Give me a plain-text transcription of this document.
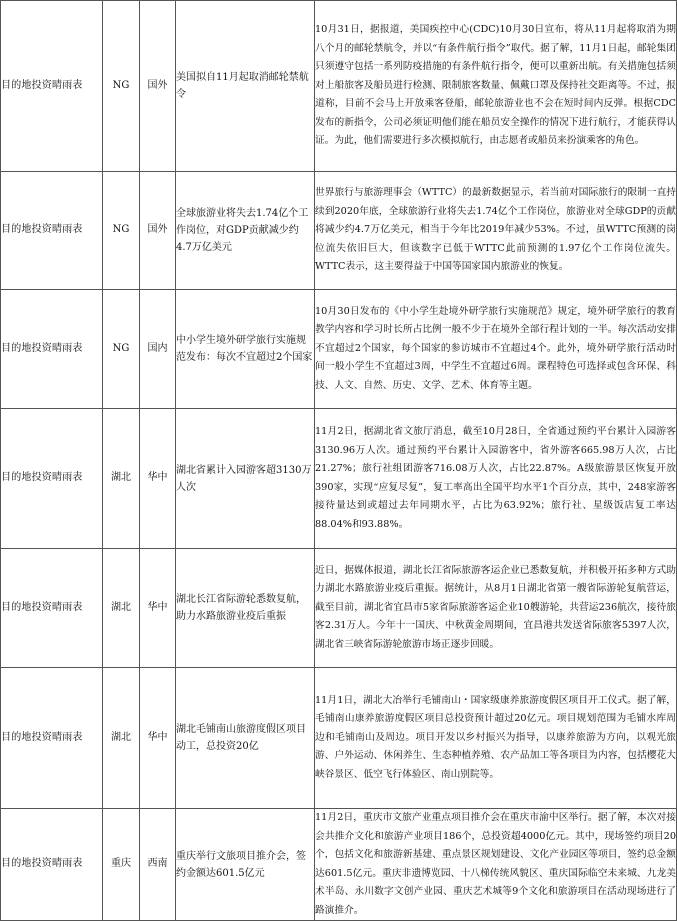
目的地投资晴雨表	NG	国外	美国拟自11月起取消邮轮禁航令	10月31日，据报道，美国疾控中心(CDC)10月30日宣布，将从11月起将取消为期八个月的邮轮禁航令，并以“有条件航行指令”取代。据了解，11月1日起，邮轮集团只须遵守包括一系列防疫措施的有条件航行指令，便可以重新出航。有关措施包括须对上船旅客及船员进行检测、限制旅客数量、佩戴口罩及保持社交距离等。不过，报道称，目前不会马上开放乘客登船，邮轮旅游业也不会在短时间内反弹。根据CDC发布的新指令，公司必须证明他们能在船员安全操作的情况下进行航行，才能获得认证。为此，他们需要进行多次模拟航行，由志愿者或船员来扮演乘客的角色。
目的地投资晴雨表	NG	国外	全球旅游业将失去1.74亿个工作岗位，对GDP贡献减少约4.7万亿美元	世界旅行与旅游理事会（WTTC）的最新数据显示，若当前对国际旅行的限制一直持续到2020年底，全球旅游行业将失去1.74亿个工作岗位，旅游业对全球GDP的贡献将减少约4.7万亿美元，相当于今年比2019年减少53%。不过，虽WTTC预测的岗位流失依旧巨大，但该数字已低于WTTC此前预测的1.97亿个工作岗位流失。WTTC表示，这主要得益于中国等国家国内旅游业的恢复。
目的地投资晴雨表	NG	国内	中小学生境外研学旅行实施规范发布：每次不宜超过2个国家	10月30日发布的《中小学生赴境外研学旅行实施规范》规定，境外研学旅行的教育教学内容和学习时长所占比例一般不少于在境外全部行程计划的一半。每次活动安排不宜超过2个国家，每个国家的参访城市不宜超过4个。此外，境外研学旅行活动时间一般小学生不宜超过3周，中学生不宜超过6周。课程特色可选择或包含环保、科技、人文、自然、历史、文学、艺术、体育等主题。
目的地投资晴雨表	湖北	华中	湖北省累计入园游客超3130万人次	11月2日，据湖北省文旅厅消息，截至10月28日，全省通过预约平台累计入园游客3130.96万人次。通过预约平台累计入园游客中，省外游客665.98万人次，占比21.27%；旅行社组团游客716.08万人次，占比22.87%。A级旅游景区恢复开放390家，实现“应复尽复”，复工率高出全国平均水平1个百分点，其中，248家游客接待量达到或超过去年同期水平，占比为63.92%；旅行社、星级饭店复工率达88.04%和93.88%。
目的地投资晴雨表	湖北	华中	湖北长江省际游轮悉数复航，助力水路旅游业疫后重振	近日，据媒体报道，湖北长江省际旅游客运企业已悉数复航，并积极开拓多种方式助力湖北水路旅游业疫后重振。据统计，从8月1日湖北省第一艘省际游轮复航营运，截至目前，湖北省宜昌市5家省际旅游客运企业10艘游轮，共营运236航次，接待旅客2.31万人。今年十一国庆、中秋黄金周期间，宜昌港共发送省际旅客5397人次，湖北省三峡省际游轮旅游市场正逐步回暖。
目的地投资晴雨表	湖北	华中	湖北毛铺南山旅游度假区项目动工，总投资20亿	11月1日，湖北大冶举行毛铺南山・国家级康养旅游度假区项目开工仪式。据了解，毛铺南山康养旅游度假区项目总投资预计超过20亿元。项目规划范围为毛铺水库周边和毛铺南山及周边。项目开发以乡村振兴为指导，以康养旅游为方向，以观光旅游、户外运动、休闲养生、生态种植养殖、农产品加工等各项目为内容，包括樱花大峡谷景区、低空飞行体验区、南山别院等。
目的地投资晴雨表	重庆	西南	重庆举行文旅项目推介会，签约金额达601.5亿元	11月2日，重庆市文旅产业重点项目推介会在重庆市渝中区举行。据了解，本次对接会共推介文化和旅游产业项目186个，总投资超4000亿元。其中，现场签约项目20个，包括文化和旅游新基建、重点景区规划建设、文化产业园区等项目，签约总金额达601.5亿元。重庆非遗博览园、十八梯传统风貌区、重庆国际临空未来城、九龙美术半岛、永川数字文创产业园、重庆艺术城等9个文化和旅游项目在活动现场进行了路演推介。
